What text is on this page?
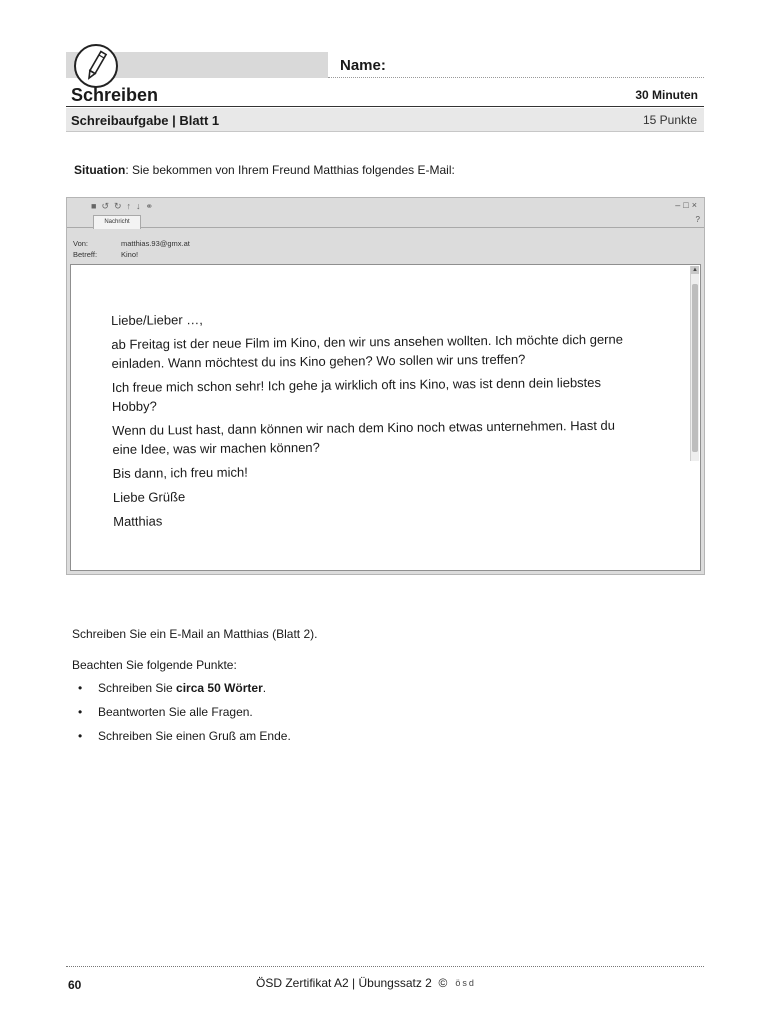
Name:
Schreiben	30 Minuten
Schreibaufgabe | Blatt 1	15 Punkte
Situation: Sie bekommen von Ihrem Freund Matthias folgendes E-Mail:
■ ↺ ↻ ↑ ↓ ⚭	–□×
?
Nachricht
Von:	matthias.93@gmx.at
Betreff:	Kino!
▲

Liebe/Lieber …,

ab Freitag ist der neue Film im Kino, den wir uns ansehen wollten. Ich möchte dich gerne einladen. Wann möchtest du ins Kino gehen? Wo sollen wir uns treffen?

Ich freue mich schon sehr! Ich gehe ja wirklich oft ins Kino, was ist denn dein liebstes Hobby?

Wenn du Lust hast, dann können wir nach dem Kino noch etwas unternehmen. Hast du eine Idee, was wir machen können?

Bis dann, ich freu mich!

Liebe Grüße

Matthias

Schreiben Sie ein E-Mail an Matthias (Blatt 2).
Beachten Sie folgende Punkte:
•	Schreiben Sie circa 50 Wörter.
•	Beantworten Sie alle Fragen.
•	Schreiben Sie einen Gruß am Ende.
60	ÖSD Zertifikat A2 | Übungssatz 2
© ösd
